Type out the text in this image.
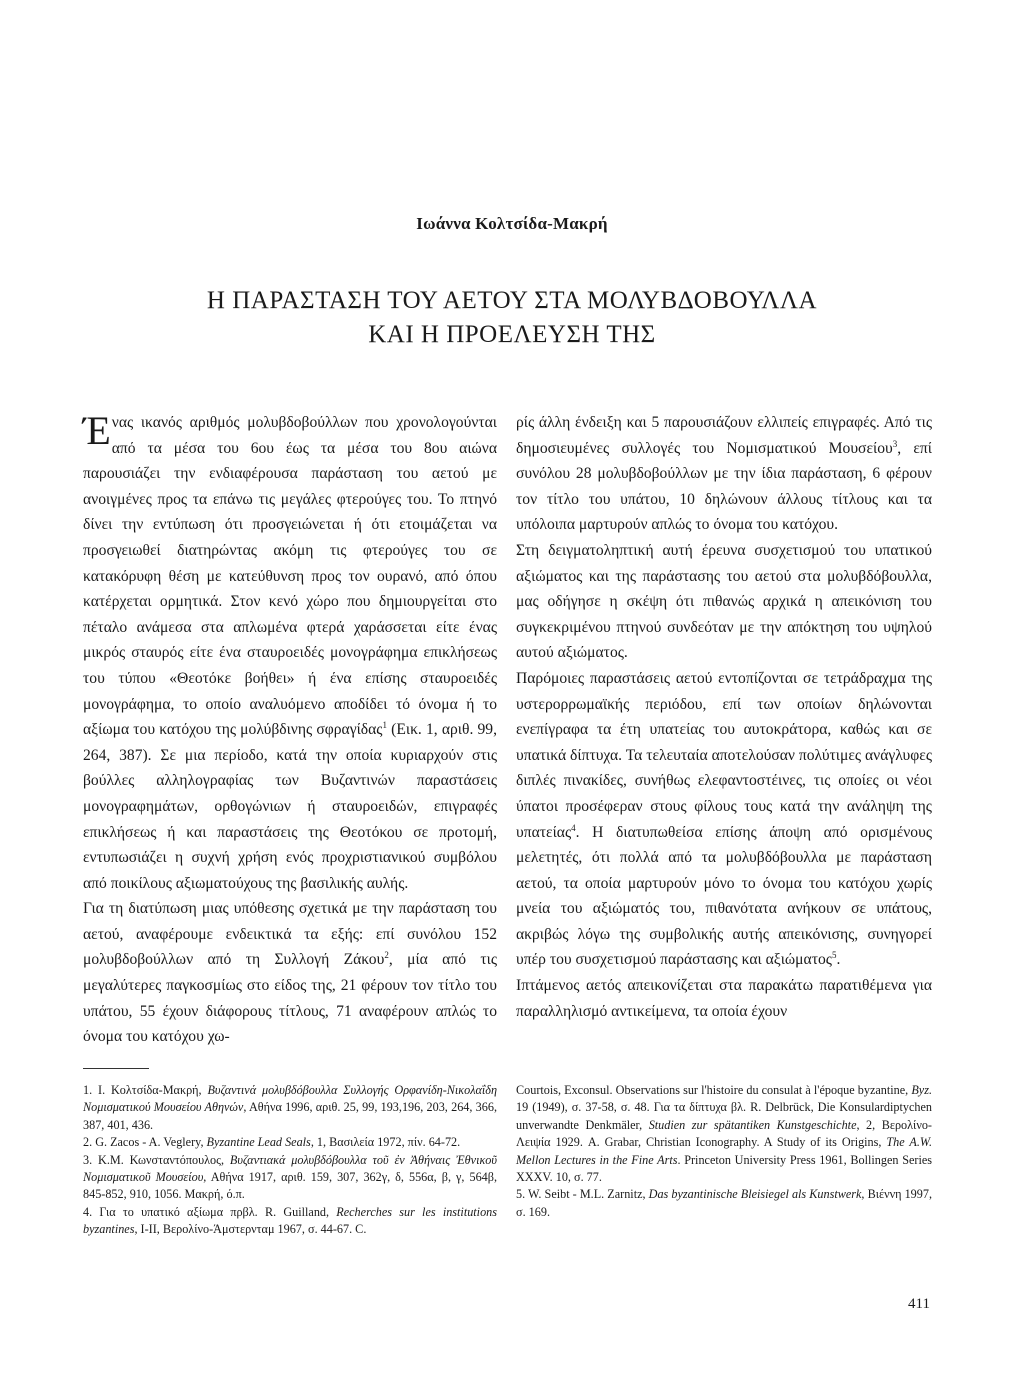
Ιωάννα Κολτσίδα-Μακρή
Η ΠΑΡΑΣΤΑΣΗ ΤΟΥ ΑΕΤΟΥ ΣΤΑ ΜΟΛΥΒΔΟΒΟΥΛΛΑ
ΚΑΙ Η ΠΡΟΕΛΕΥΣΗ ΤΗΣ

Ένας ικανός αριθμός μολυβδοβούλλων που χρονολογούνται από τα μέσα του 6ου έως τα μέσα του 8ου αιώνα παρουσιάζει την ενδιαφέρουσα παράσταση του αετού με ανοιγμένες προς τα επάνω τις μεγάλες φτερούγες του. Το πτηνό δίνει την εντύπωση ότι προσγειώνεται ή ότι ετοιμάζεται να προσγειωθεί διατηρώντας ακόμη τις φτερούγες του σε κατακόρυφη θέση με κατεύθυνση προς τον ουρανό, από όπου κατέρχεται ορμητικά. Στον κενό χώρο που δημιουργείται στο πέταλο ανάμεσα στα απλωμένα φτερά χαράσσεται είτε ένας μικρός σταυρός είτε ένα σταυροειδές μονογράφημα επικλήσεως του τύπου «Θεοτόκε βοήθει» ή ένα επίσης σταυροειδές μονογράφημα, το οποίο αναλυόμενο αποδίδει τό όνομα ή το αξίωμα του κατόχου της μολύβδινης σφραγίδας$^1$ (Εικ. 1, αριθ. 99, 264, 387). Σε μια περίοδο, κατά την οποία κυριαρχούν στις βούλλες αλληλογραφίας των Βυζαντινών παραστάσεις μονογραφημάτων, ορθογώνιων ή σταυροειδών, επιγραφές επικλήσεως ή και παραστάσεις της Θεοτόκου σε προτομή, εντυπωσιάζει η συχνή χρήση ενός προχριστιανικού συμβόλου από ποικίλους αξιωματούχους της βασιλικής αυλής.

Για τη διατύπωση μιας υπόθεσης σχετικά με την παράσταση του αετού, αναφέρουμε ενδεικτικά τα εξής: επί συνόλου 152 μολυβδοβούλλων από τη Συλλογή Ζάκου$^2$, μία από τις μεγαλύτερες παγκοσμίως στο είδος της, 21 φέρουν τον τίτλο του υπάτου, 55 έχουν διάφορους τίτλους, 71 αναφέρουν απλώς το όνομα του κατόχου χω-

ρίς άλλη ένδειξη και 5 παρουσιάζουν ελλιπείς επιγραφές. Από τις δημοσιευμένες συλλογές του Νομισματικού Μουσείου$^3$, επί συνόλου 28 μολυβδοβούλλων με την ίδια παράσταση, 6 φέρουν τον τίτλο του υπάτου, 10 δηλώνουν άλλους τίτλους και τα υπόλοιπα μαρτυρούν απλώς το όνομα του κατόχου.

Στη δειγματοληπτική αυτή έρευνα συσχετισμού του υπατικού αξιώματος και της παράστασης του αετού στα μολυβδόβουλλα, μας οδήγησε η σκέψη ότι πιθανώς αρχικά η απεικόνιση του συγκεκριμένου πτηνού συνδεόταν με την απόκτηση του υψηλού αυτού αξιώματος.

Παρόμοιες παραστάσεις αετού εντοπίζονται σε τετράδραχμα της υστερορρωμαϊκής περιόδου, επί των οποίων δηλώνονται ενεπίγραφα τα έτη υπατείας του αυτοκράτορα, καθώς και σε υπατικά δίπτυχα. Τα τελευταία αποτελούσαν πολύτιμες ανάγλυφες διπλές πινακίδες, συνήθως ελεφαντοστέινες, τις οποίες οι νέοι ύπατοι προσέφεραν στους φίλους τους κατά την ανάληψη της υπατείας$^4$. Η διατυπωθείσα επίσης άποψη από ορισμένους μελετητές, ότι πολλά από τα μολυβδόβουλλα με παράσταση αετού, τα οποία μαρτυρούν μόνο το όνομα του κατόχου χωρίς μνεία του αξιώματός του, πιθανότατα ανήκουν σε υπάτους, ακριβώς λόγω της συμβολικής αυτής απεικόνισης, συνηγορεί υπέρ του συσχετισμού παράστασης και αξιώματος$^5$.

Ιπτάμενος αετός απεικονίζεται στα παρακάτω παρατιθέμενα για παραλληλισμό αντικείμενα, τα οποία έχουν

1. Ι. Κολτσίδα-Μακρή, Βυζαντινά μολυβδόβουλλα Συλλογής Ορφανίδη-Νικολαΐδη Νομισματικού Μουσείου Αθηνών, Αθήνα 1996, αριθ. 25, 99, 193,196, 203, 264, 366, 387, 401, 436.

2. G. Zacos - A. Veglery, Byzantine Lead Seals, 1, Βασιλεία 1972, πίν. 64-72.

3. Κ.Μ. Κωνσταντόπουλος, Βυζαντιακά μολυβδόβουλλα τοῦ ἐν Ἀθήναις Ἐθνικοῦ Νομισματικοῦ Μουσείου, Αθήνα 1917, αριθ. 159, 307, 362γ, δ, 556α, β, γ, 564β, 845-852, 910, 1056. Μακρή, ό.π.

4. Για το υπατικό αξίωμα πρβλ. R. Guilland, Recherches sur les institutions byzantines, I-II, Βερολίνο-Άμστερνταμ 1967, σ. 44-67. C.

Courtois, Exconsul. Observations sur l'histoire du consulat à l'époque byzantine, Byz. 19 (1949), σ. 37-58, σ. 48. Για τα δίπτυχα βλ. R. Delbrück, Die Konsulardiptychen unverwandte Denkmäler, Studien zur spätantiken Kunstgeschichte, 2, Βερολίνο-Λειψία 1929. A. Grabar, Christian Iconography. A Study of its Origins, The A.W. Mellon Lectures in the Fine Arts. Princeton University Press 1961, Bollingen Series XXXV. 10, σ. 77.

5. W. Seibt - M.L. Zarnitz, Das byzantinische Bleisiegel als Kunstwerk, Βιέννη 1997, σ. 169.

411
